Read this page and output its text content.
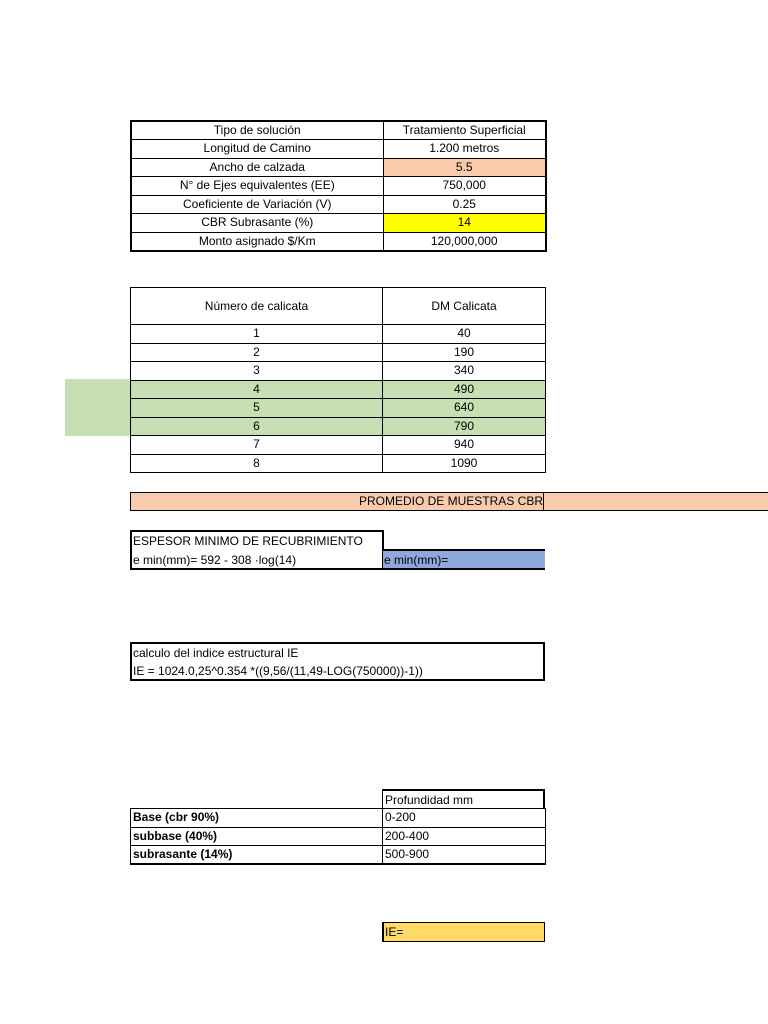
Tipo de solución	Tratamiento Superficial
Longitud de Camino	1.200 metros
Ancho de calzada	5.5
N° de Ejes equivalentes (EE)	750,000
Coeficiente de Variación (V)	0.25
CBR Subrasante (%)	14
Monto asignado $/Km	120,000,000
Número de calicata	DM Calicata
1	40
2	190
3	340
4	490
5	640
6	790
7	940
8	1090
PROMEDIO DE MUESTRAS CBR
ESPESOR MINIMO DE RECUBRIMIENTO
e min(mm)= 592 - 308 ·log(14)	e min(mm)=
calculo del indice estructural IE
IE = 1024.0,25^0.354 *((9,56/(11,49-LOG(750000))-1))
Profundidad mm
Base (cbr 90%)	0-200
subbase (40%)	200-400
subrasante (14%)	500-900
IE=
